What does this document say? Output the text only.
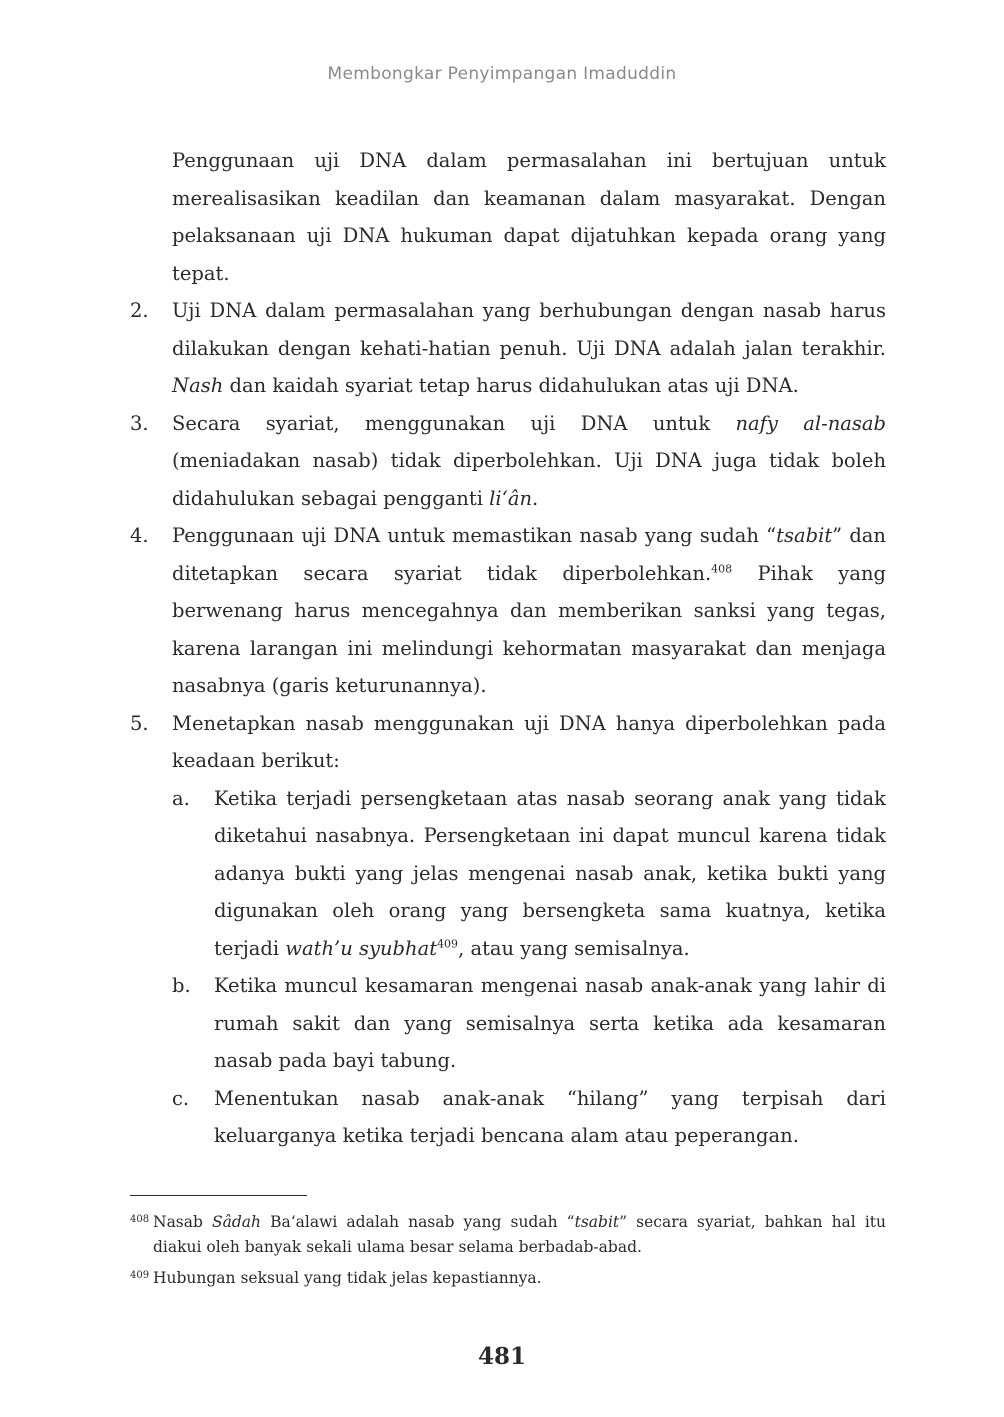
Membongkar Penyimpangan Imaduddin

Penggunaan uji DNA dalam permasalahan ini bertujuan untuk merealisasikan keadilan dan keamanan dalam masyarakat. Dengan pelaksanaan uji DNA hukuman dapat dijatuhkan kepada orang yang tepat.

2.	Uji DNA dalam permasalahan yang berhubungan dengan nasab harus dilakukan dengan kehati-hatian penuh. Uji DNA adalah jalan terakhir. Nash dan kaidah syariat tetap harus didahulukan atas uji DNA.
3.	Secara syariat, menggunakan uji DNA untuk nafy al-nasab (meniadakan nasab) tidak diperbolehkan. Uji DNA juga tidak boleh didahulukan sebagai pengganti li‘ân.
4.	Penggunaan uji DNA untuk memastikan nasab yang sudah “tsabit” dan ditetapkan secara syariat tidak diperbolehkan.$^{408}$ Pihak yang berwenang harus mencegahnya dan memberikan sanksi yang tegas, karena larangan ini melindungi kehormatan masyarakat dan menjaga nasabnya (garis keturunannya).
5.	Menetapkan nasab menggunakan uji DNA hanya diperbolehkan pada keadaan berikut:
a.	Ketika terjadi persengketaan atas nasab seorang anak yang tidak diketahui nasabnya. Persengketaan ini dapat muncul karena tidak adanya bukti yang jelas mengenai nasab anak, ketika bukti yang digunakan oleh orang yang bersengketa sama kuatnya, ketika terjadi wath’u syubhat$^{409}$, atau yang semisalnya.
b.	Ketika muncul kesamaran mengenai nasab anak-anak yang lahir di rumah sakit dan yang semisalnya serta ketika ada kesamaran nasab pada bayi tabung.
c.	Menentukan nasab anak-anak “hilang” yang terpisah dari keluarganya ketika terjadi bencana alam atau peperangan.
408 Nasab Sâdah Ba‘alawi adalah nasab yang sudah “tsabit” secara syariat, bahkan hal itu diakui oleh banyak sekali ulama besar selama berbadab-abad.
409 Hubungan seksual yang tidak jelas kepastiannya.
481
